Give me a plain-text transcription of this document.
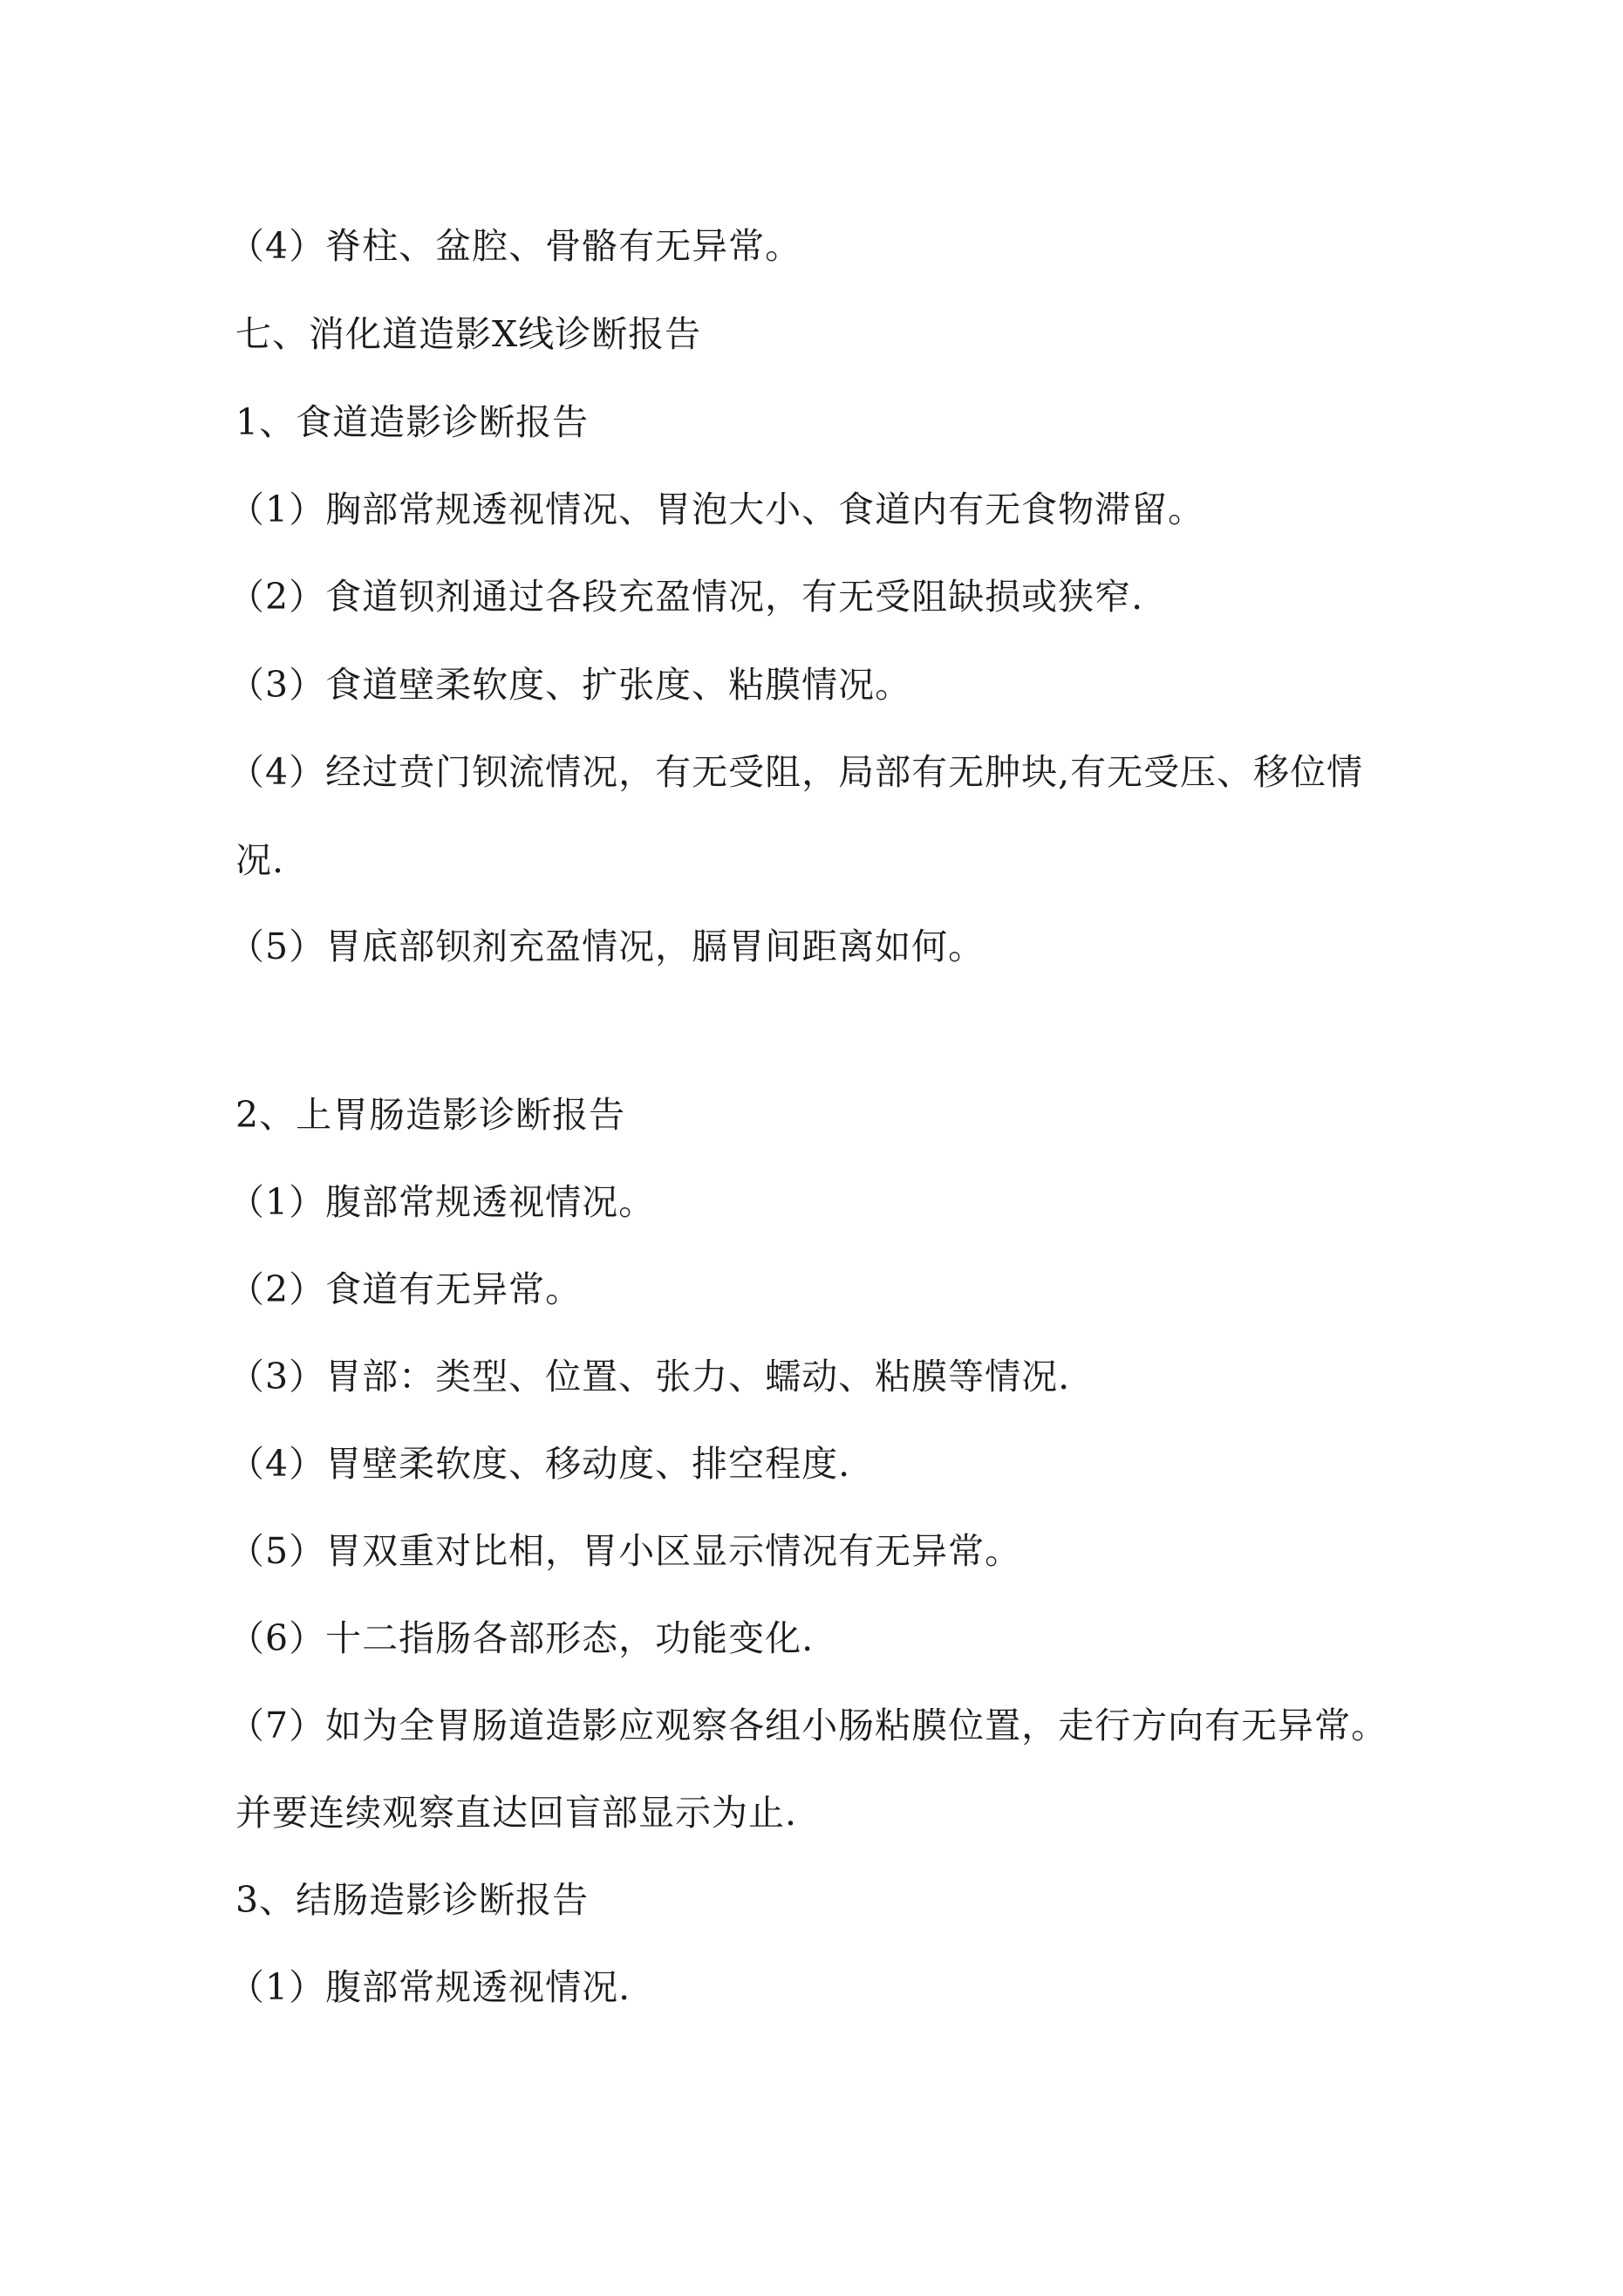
（4）脊柱、盆腔、骨骼有无异常。
七、消化道造影X线诊断报告
1、食道造影诊断报告
（1）胸部常规透视情况、胃泡大小、食道内有无食物滞留。
（2）食道钡剂通过各段充盈情况，有无受阻缺损或狭窄.
（3）食道壁柔软度、扩张度、粘膜情况。
（4）经过贲门钡流情况，有无受阻，局部有无肿块,有无受压、移位情
况.
（5）胃底部钡剂充盈情况，膈胃间距离如何。
2、上胃肠造影诊断报告
（1）腹部常规透视情况。
（2）食道有无异常。
（3）胃部：类型、位置、张力、蠕动、粘膜等情况.
（4）胃壁柔软度、移动度、排空程度.
（5）胃双重对比相，胃小区显示情况有无异常。
（6）十二指肠各部形态，功能变化.
（7）如为全胃肠道造影应观察各组小肠粘膜位置，走行方向有无异常。
并要连续观察直达回盲部显示为止.
3、结肠造影诊断报告
（1）腹部常规透视情况.
